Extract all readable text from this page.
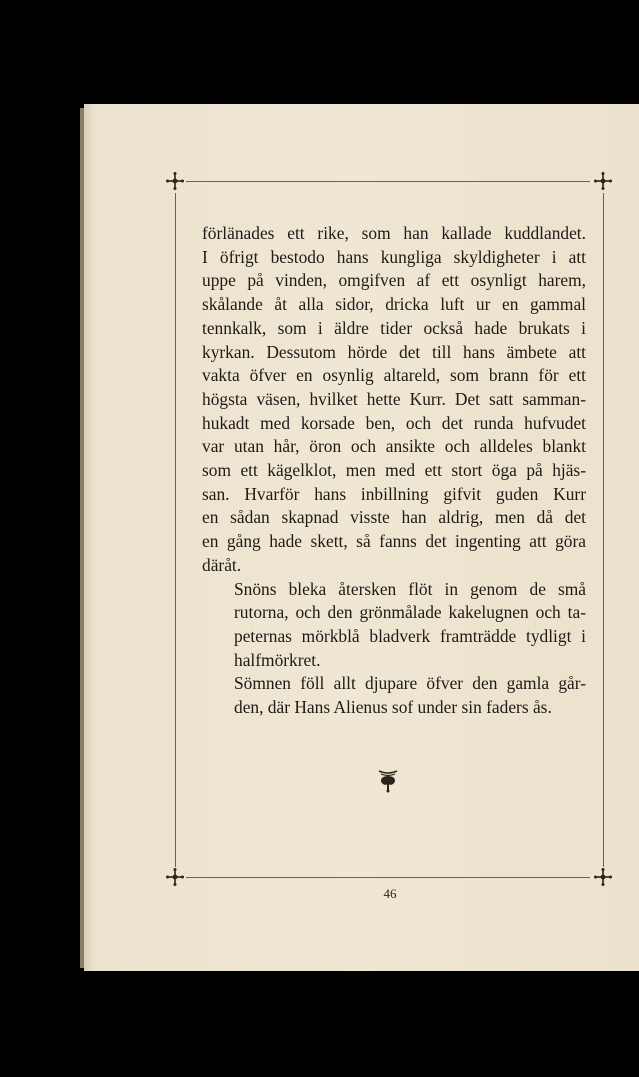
förlänades ett rike, som han kallade kuddlandet.
I öfrigt bestodo hans kungliga skyldigheter i att
uppe på vinden, omgifven af ett osynligt harem,
skålande åt alla sidor, dricka luft ur en gammal
tennkalk, som i äldre tider också hade brukats i
kyrkan. Dessutom hörde det till hans ämbete att
vakta öfver en osynlig altareld, som brann för ett
högsta väsen, hvilket hette Kurr. Det satt samman-
hukadt med korsade ben, och det runda hufvudet
var utan hår, öron och ansikte och alldeles blankt
som ett kägelklot, men med ett stort öga på hjäs-
san. Hvarför hans inbillning gifvit guden Kurr
en sådan skapnad visste han aldrig, men då det
en gång hade skett, så fanns det ingenting att göra
däråt.

Snöns bleka återsken flöt in genom de små
rutorna, och den grönmålade kakelugnen och ta-
peternas mörkblå bladverk framträdde tydligt i
halfmörkret.

Sömnen föll allt djupare öfver den gamla går-
den, där Hans Alienus sof under sin faders ås.

46
